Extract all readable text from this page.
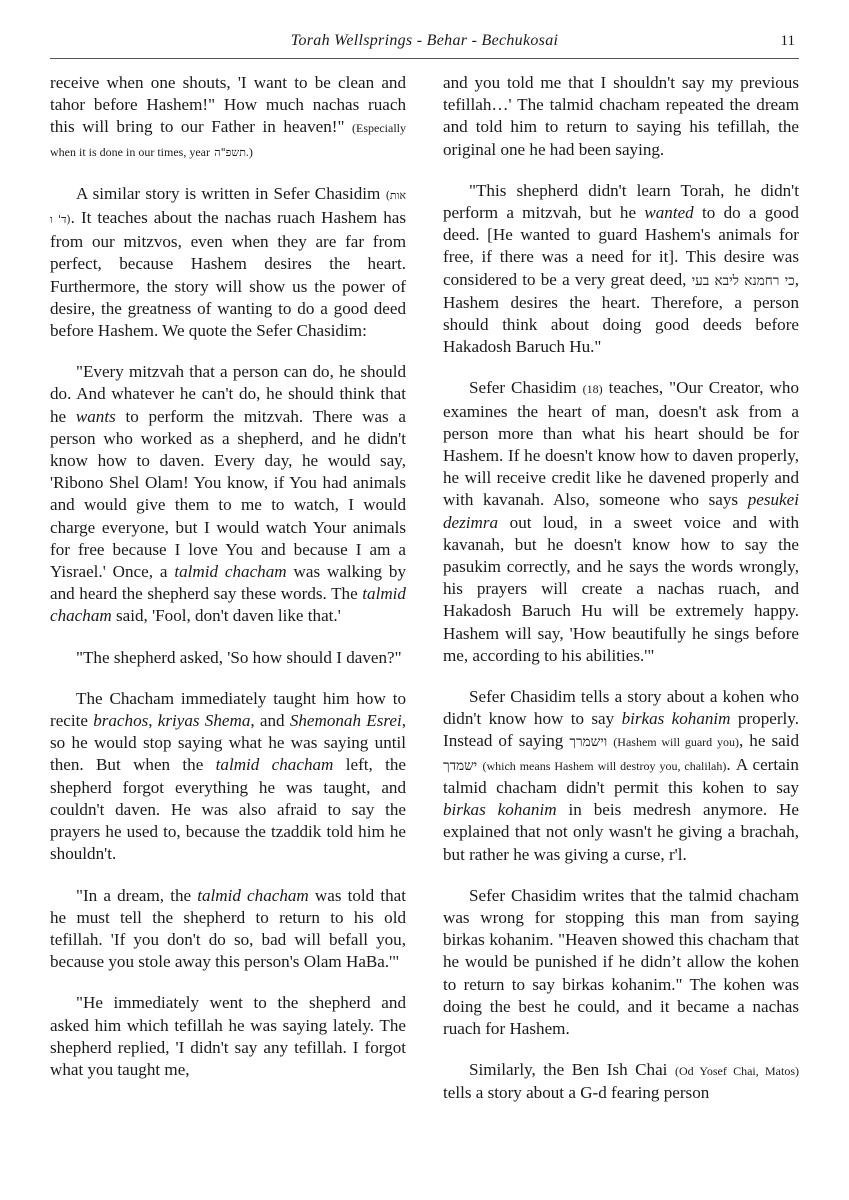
Torah Wellsprings - Behar - Bechukosai	11

receive when one shouts, 'I want to be clean and tahor before Hashem!" How much nachas ruach this will bring to our Father in heaven!" (Especially when it is done in our times, year תשפ"ה.)

A similar story is written in Sefer Chasidim (אות ד' ו). It teaches about the nachas ruach Hashem has from our mitzvos, even when they are far from perfect, because Hashem desires the heart. Furthermore, the story will show us the power of desire, the greatness of wanting to do a good deed before Hashem. We quote the Sefer Chasidim:

"Every mitzvah that a person can do, he should do. And whatever he can't do, he should think that he wants to perform the mitzvah. There was a person who worked as a shepherd, and he didn't know how to daven. Every day, he would say, 'Ribono Shel Olam! You know, if You had animals and would give them to me to watch, I would charge everyone, but I would watch Your animals for free because I love You and because I am a Yisrael.' Once, a talmid chacham was walking by and heard the shepherd say these words. The talmid chacham said, 'Fool, don't daven like that.'

"The shepherd asked, 'So how should I daven?"

The Chacham immediately taught him how to recite brachos, kriyas Shema, and Shemonah Esrei, so he would stop saying what he was saying until then. But when the talmid chacham left, the shepherd forgot everything he was taught, and couldn't daven. He was also afraid to say the prayers he used to, because the tzaddik told him he shouldn't.

"In a dream, the talmid chacham was told that he must tell the shepherd to return to his old tefillah. 'If you don't do so, bad will befall you, because you stole away this person's Olam HaBa.'"

"He immediately went to the shepherd and asked him which tefillah he was saying lately. The shepherd replied, 'I didn't say any tefillah. I forgot what you taught me,

and you told me that I shouldn't say my previous tefillah…' The talmid chacham repeated the dream and told him to return to saying his tefillah, the original one he had been saying.

"This shepherd didn't learn Torah, he didn't perform a mitzvah, but he wanted to do a good deed. [He wanted to guard Hashem's animals for free, if there was a need for it]. This desire was considered to be a very great deed, כי רחמנא ליבא בעי, Hashem desires the heart. Therefore, a person should think about doing good deeds before Hakadosh Baruch Hu."

Sefer Chasidim (18) teaches, "Our Creator, who examines the heart of man, doesn't ask from a person more than what his heart should be for Hashem. If he doesn't know how to daven properly, he will receive credit like he davened properly and with kavanah. Also, someone who says pesukei dezimra out loud, in a sweet voice and with kavanah, but he doesn't know how to say the pasukim correctly, and he says the words wrongly, his prayers will create a nachas ruach, and Hakadosh Baruch Hu will be extremely happy. Hashem will say, 'How beautifully he sings before me, according to his abilities.'"

Sefer Chasidim tells a story about a kohen who didn't know how to say birkas kohanim properly. Instead of saying וישמרך (Hashem will guard you), he said ישמדך (which means Hashem will destroy you, chalilah). A certain talmid chacham didn't permit this kohen to say birkas kohanim in beis medresh anymore. He explained that not only wasn't he giving a brachah, but rather he was giving a curse, r'l.

Sefer Chasidim writes that the talmid chacham was wrong for stopping this man from saying birkas kohanim. "Heaven showed this chacham that he would be punished if he didn’t allow the kohen to return to say birkas kohanim." The kohen was doing the best he could, and it became a nachas ruach for Hashem.

Similarly, the Ben Ish Chai (Od Yosef Chai, Matos) tells a story about a G-d fearing person
